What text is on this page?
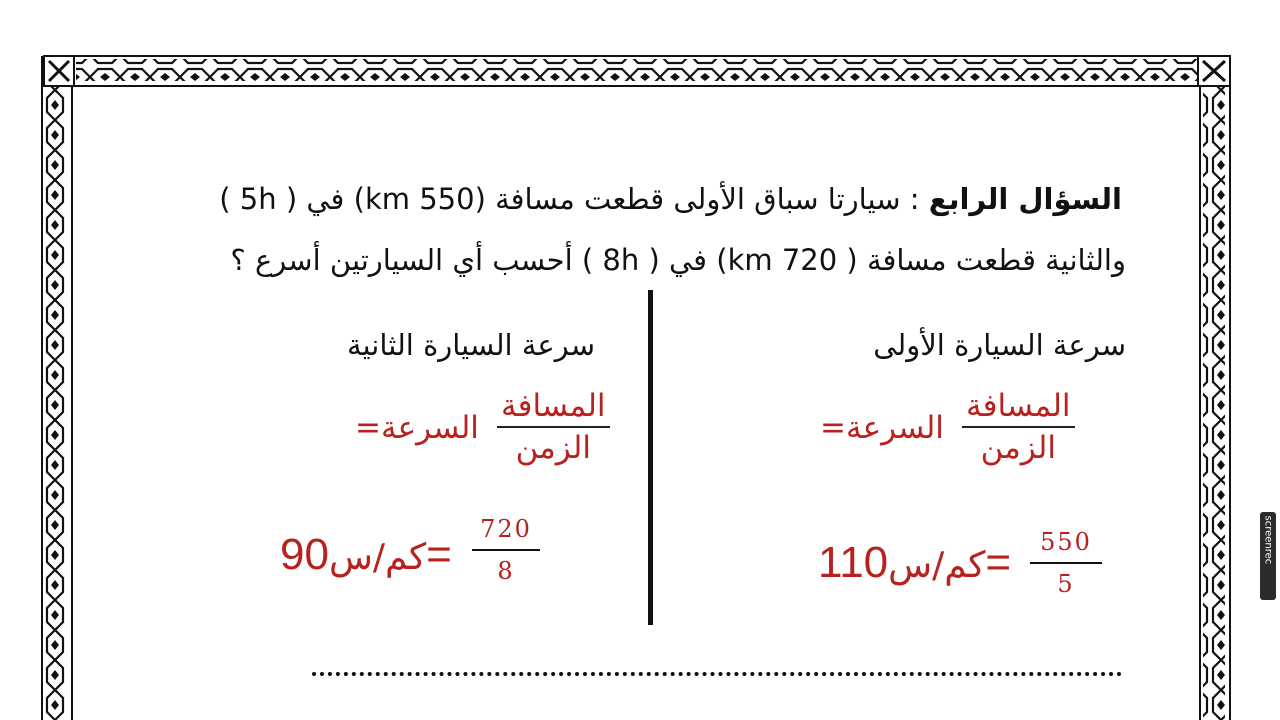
السؤال الرابع : سيارتا سباق الأولى قطعت مسافة (550 km) في ( 5h )
والثانية قطعت مسافة ( 720 km) في ( 8h ) أحسب أي السيارتين أسرع ؟
سرعة السيارة الثانية
المسافة
الزمن
السرعة=
كم/س90 =
720
8
سرعة السيارة الأولى
المسافة
الزمن
السرعة=
كم/س110 =	550
5
screenrec
